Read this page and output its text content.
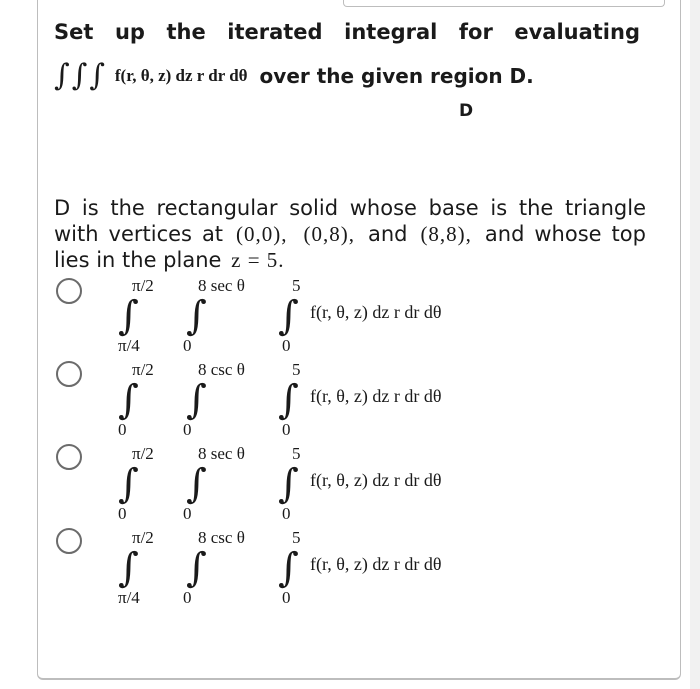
Set up the iterated integral for evaluating
∫∫∫ f(r, θ, z) dz r dr dθ over the given region D.
D
D is the rectangular solid whose base is the triangle with vertices at (0,0), (0,8), and (8,8), and whose top lies in the plane z = 5.
π/2
∫
π/4
8 sec θ
∫
0
5
∫
0
f(r, θ, z) dz r dr dθ
π/2
∫
0
8 csc θ
∫
0
5
∫
0
f(r, θ, z) dz r dr dθ
π/2
∫
0
8 sec θ
∫
0
5
∫
0
f(r, θ, z) dz r dr dθ
π/2
∫
π/4
8 csc θ
∫
0
5
∫
0
f(r, θ, z) dz r dr dθ
